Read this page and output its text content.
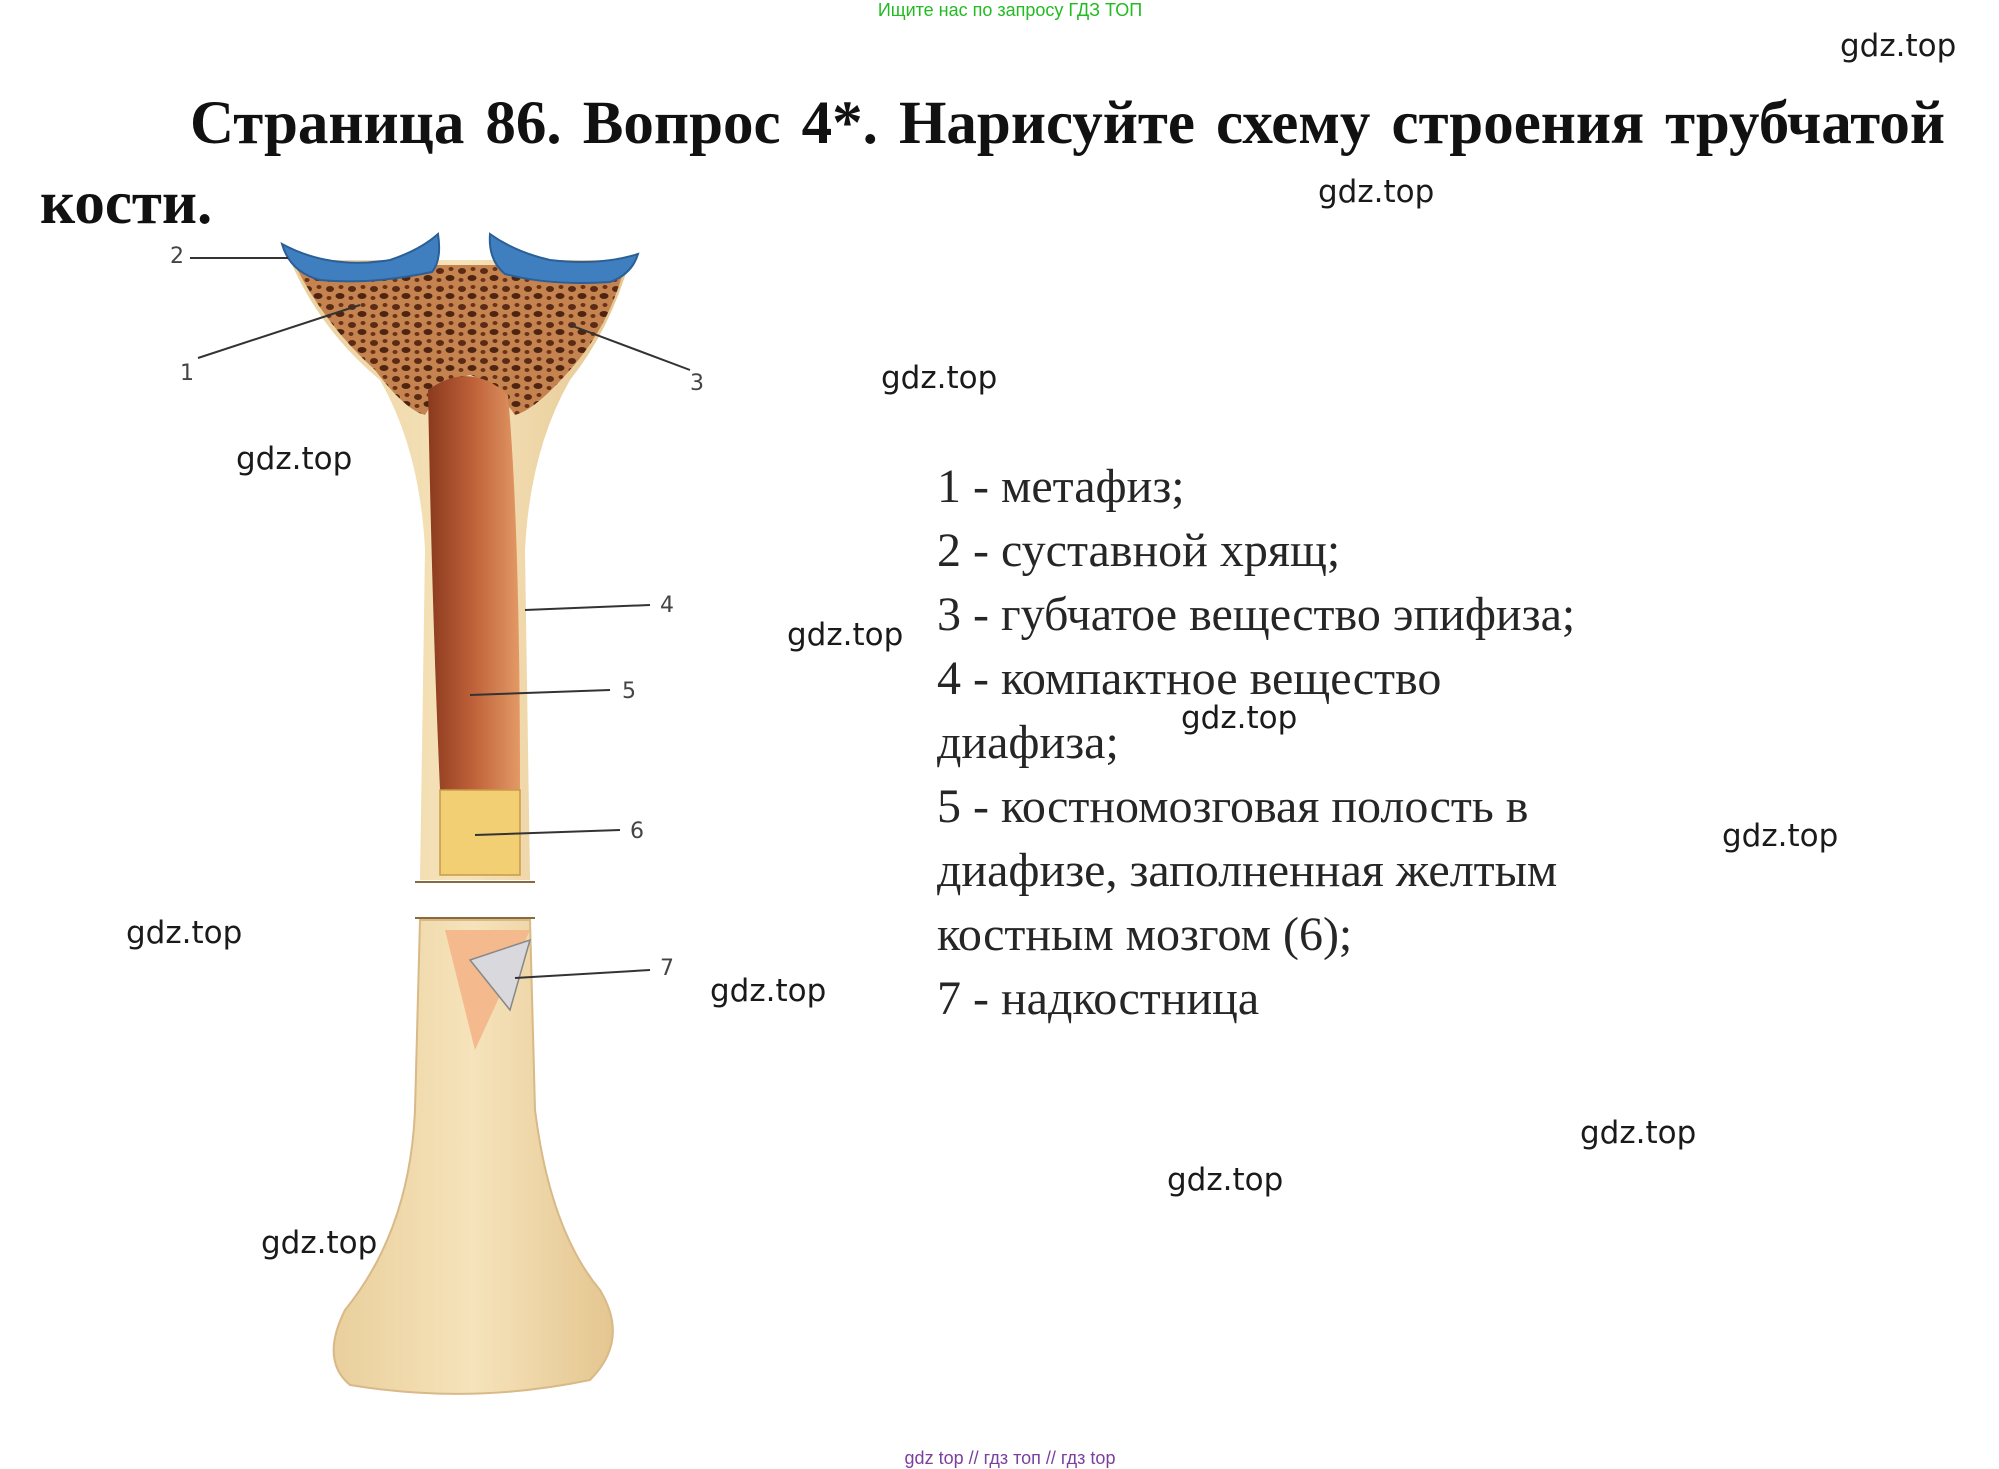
Ищите нас по запросу ГДЗ ТОП
Страница 86. Вопрос 4*. Нарисуйте схему строения трубчатой
кости.
gdz.top
gdz.top
gdz.top
gdz.top
gdz.top
gdz.top
gdz.top
gdz.top
gdz.top
gdz.top
gdz.top
gdz.top
2
1	3
4
5
6
7
1 - метафиз;
2 - суставной хрящ;
3 - губчатое вещество эпифиза;
4 - компактное вещество
диафиза;
5 - костномозговая полость в
диафизе, заполненная желтым
костным мозгом (6);
7 - надкостница
gdz top // гдз топ // гдз top
